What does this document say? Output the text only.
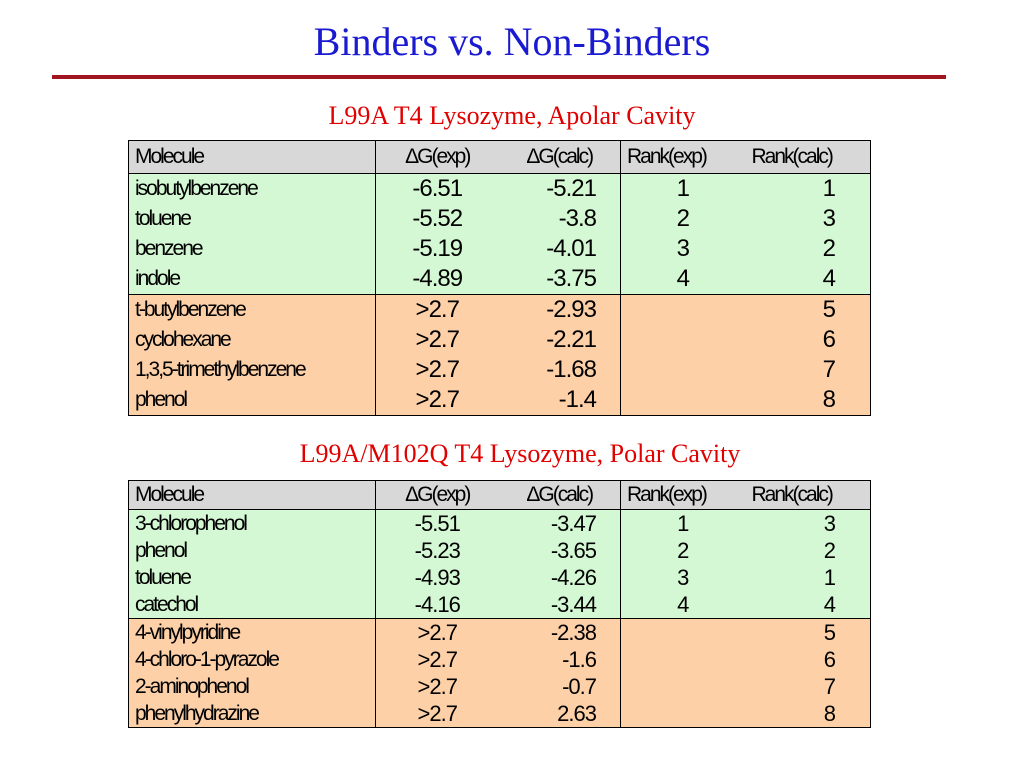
Binders vs. Non-Binders
L99A T4 Lysozyme, Apolar Cavity
Molecule	ΔG(exp)	ΔG(calc)	Rank(exp)	Rank(calc)
isobutylbenzene	-6.51	-5.21	1	1
toluene	-5.52	-3.8	2	3
benzene	-5.19	-4.01	3	2
indole	-4.89	-3.75	4	4
t-butylbenzene	>2.7	-2.93		5
cyclohexane	>2.7	-2.21		6
1,3,5-trimethylbenzene	>2.7	-1.68		7
phenol	>2.7	-1.4		8
L99A/M102Q T4 Lysozyme, Polar Cavity
Molecule	ΔG(exp)	ΔG(calc)	Rank(exp)	Rank(calc)
3-chlorophenol	-5.51	-3.47	1	3
phenol	-5.23	-3.65	2	2
toluene	-4.93	-4.26	3	1
catechol	-4.16	-3.44	4	4
4-vinylpyridine	>2.7	-2.38		5
4-chloro-1-pyrazole	>2.7	-1.6		6
2-aminophenol	>2.7	-0.7		7
phenylhydrazine	>2.7	2.63		8
